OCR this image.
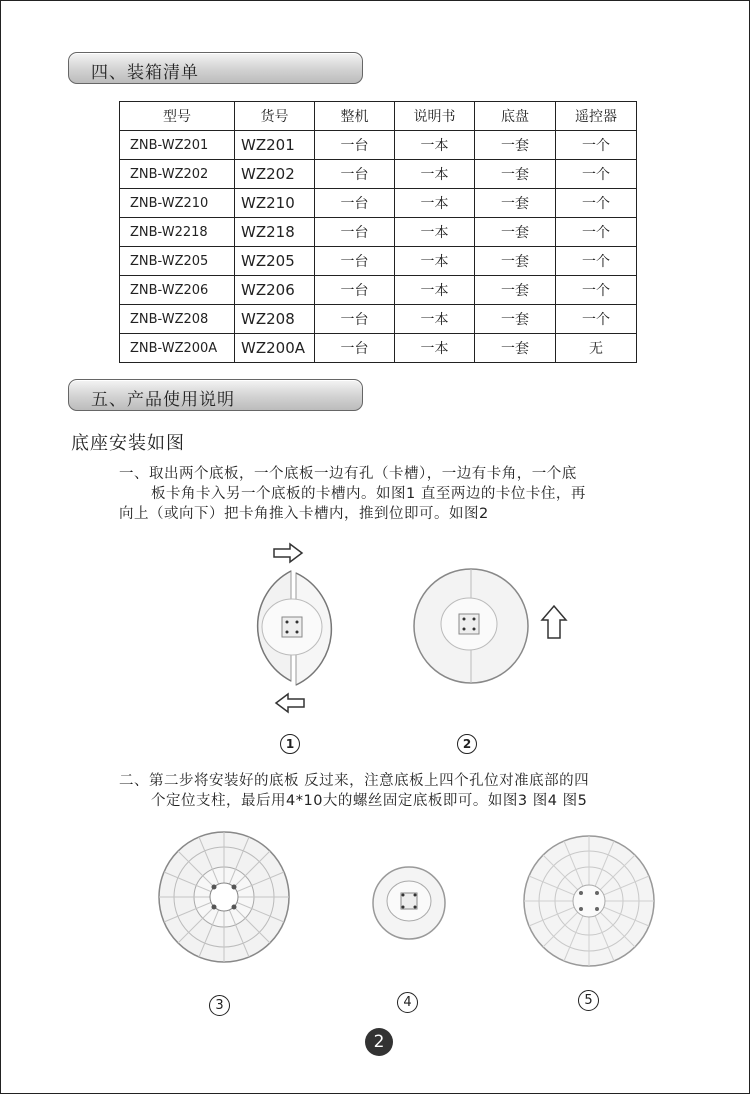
四、装箱清单
型号	货号	整机	说明书	底盘	遥控器
ZNB-WZ201	WZ201	一台	一本	一套	一个
ZNB-WZ202	WZ202	一台	一本	一套	一个
ZNB-WZ210	WZ210	一台	一本	一套	一个
ZNB-W2218	WZ218	一台	一本	一套	一个
ZNB-WZ205	WZ205	一台	一本	一套	一个
ZNB-WZ206	WZ206	一台	一本	一套	一个
ZNB-WZ208	WZ208	一台	一本	一套	一个
ZNB-WZ200A	WZ200A	一台	一本	一套	无
五、产品使用说明
底座安装如图
一、取出两个底板，一个底板一边有孔（卡槽），一边有卡角，一个底
板卡角卡入另一个底板的卡槽内。如图1 直至两边的卡位卡住，再
向上（或向下）把卡角推入卡槽内，推到位即可。如图2
1	2
二、第二步将安装好的底板 反过来，注意底板上四个孔位对准底部的四
个定位支柱，最后用4*10大的螺丝固定底板即可。如图3 图4 图5
3	4	5
2
